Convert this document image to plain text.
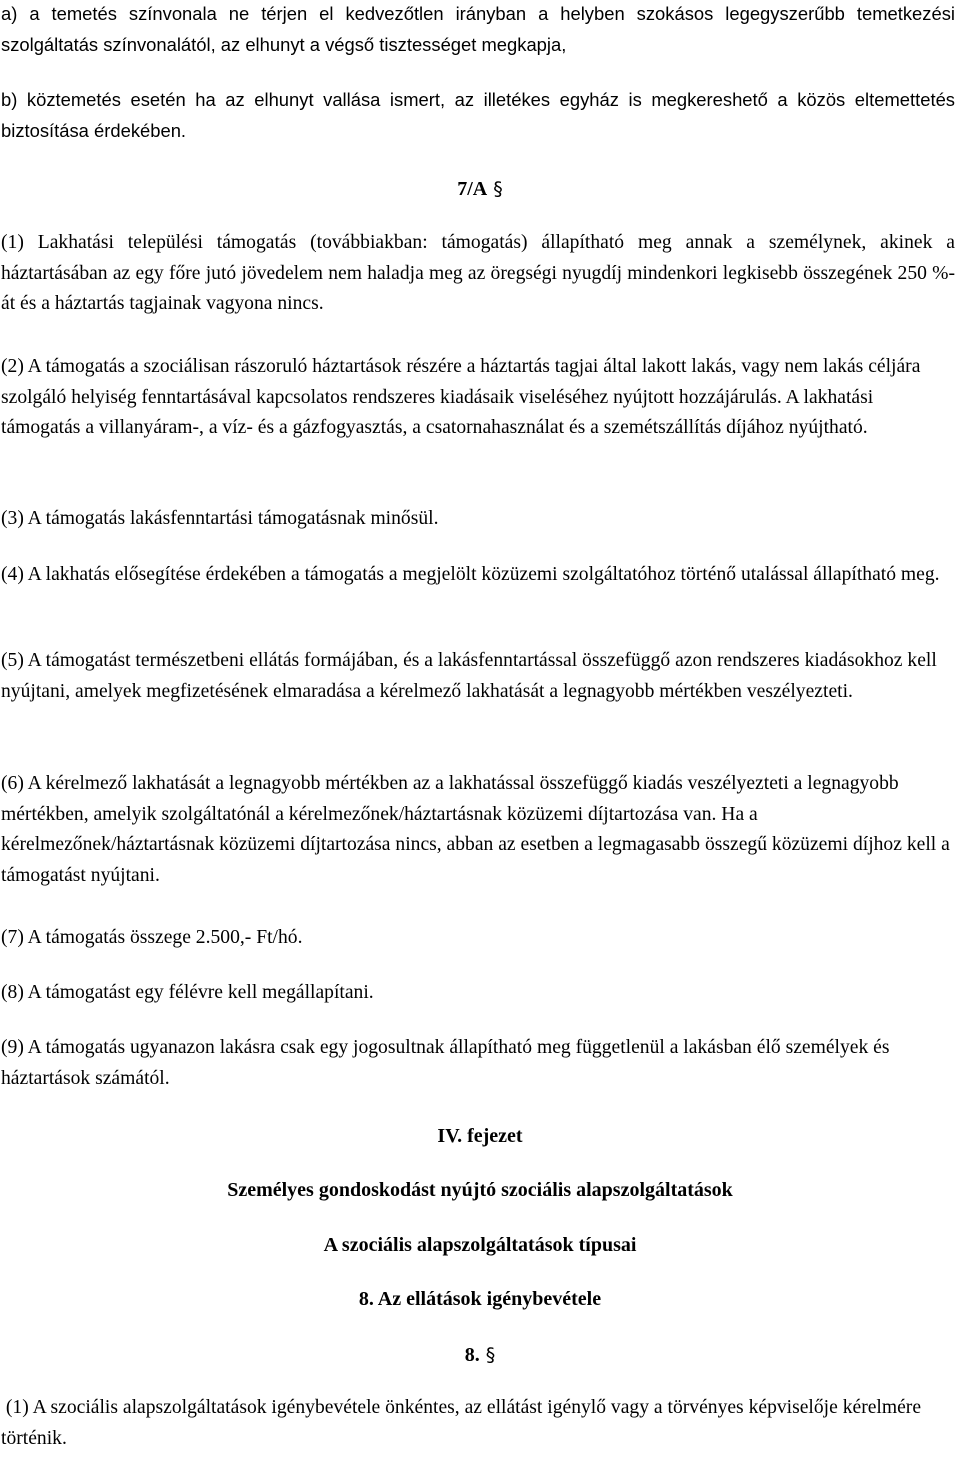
a) a temetés színvonala ne térjen el kedvezőtlen irányban a helyben szokásos legegyszerűbb temetkezési szolgáltatás színvonalától, az elhunyt a végső tisztességet megkapja,

b) köztemetés esetén ha az elhunyt vallása ismert, az illetékes egyház is megkereshető a közös eltemettetés biztosítása érdekében.

7/A §

(1) Lakhatási települési támogatás (továbbiakban: támogatás) állapítható meg annak a személynek, akinek a háztartásában az egy főre jutó jövedelem nem haladja meg az öregségi nyugdíj mindenkori legkisebb összegének 250 %-át és a háztartás tagjainak vagyona nincs.

(2) A támogatás a szociálisan rászoruló háztartások részére a háztartás tagjai által lakott lakás, vagy nem lakás céljára szolgáló helyiség fenntartásával kapcsolatos rendszeres kiadásaik viseléséhez nyújtott hozzájárulás. A lakhatási támogatás a villanyáram-, a víz- és a gázfogyasztás, a csatornahasználat és a szemétszállítás díjához nyújtható.

(3) A támogatás lakásfenntartási támogatásnak minősül.

(4) A lakhatás elősegítése érdekében a támogatás a megjelölt közüzemi szolgáltatóhoz történő utalással állapítható meg.

(5) A támogatást természetbeni ellátás formájában, és a lakásfenntartással összefüggő azon rendszeres kiadásokhoz kell nyújtani, amelyek megfizetésének elmaradása a kérelmező lakhatását a legnagyobb mértékben veszélyezteti.

(6) A kérelmező lakhatását a legnagyobb mértékben az a lakhatással összefüggő kiadás veszélyezteti a legnagyobb mértékben, amelyik szolgáltatónál a kérelmezőnek/háztartásnak közüzemi díjtartozása van. Ha a kérelmezőnek/háztartásnak közüzemi díjtartozása nincs, abban az esetben a legmagasabb összegű közüzemi díjhoz kell a támogatást nyújtani.

(7) A támogatás összege 2.500,- Ft/hó.

(8) A támogatást egy félévre kell megállapítani.

(9) A támogatás ugyanazon lakásra csak egy jogosultnak állapítható meg függetlenül a lakásban élő személyek és háztartások számától.

IV. fejezet

Személyes gondoskodást nyújtó szociális alapszolgáltatások

A szociális alapszolgáltatások típusai

8. Az ellátások igénybevétele

8. §

(1) A szociális alapszolgáltatások igénybevétele önkéntes, az ellátást igénylő vagy a törvényes képviselője kérelmére történik.
